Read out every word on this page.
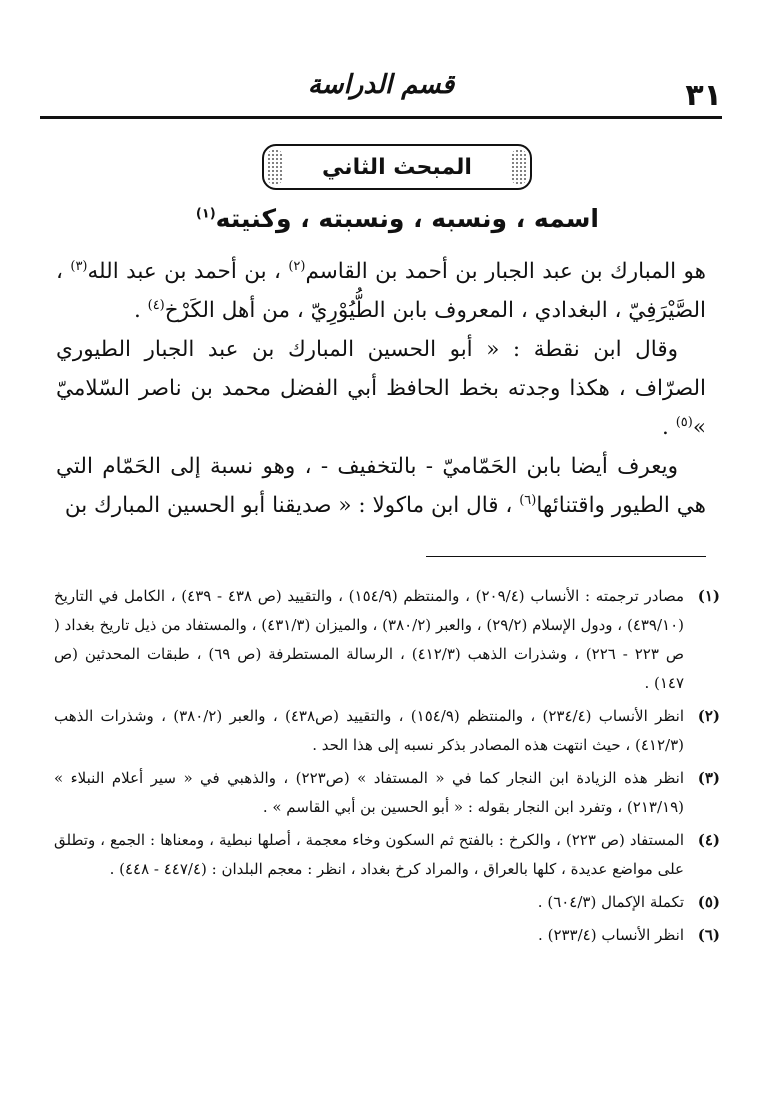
٣١
قسم الدراسة
المبحث الثاني
اسمه ، ونسبه ، ونسبته ، وكنيته$^{(١)}$

هو المبارك بن عبد الجبار بن أحمد بن القاسم$^{(٢)}$ ، بن أحمد بن عبد الله$^{(٣)}$ ، الصَّيْرَفِيّ ، البغدادي ، المعروف بابن الطُّيُوْرِيّ ، من أهل الكَرْخ$^{(٤)}$ .

وقال ابن نقطة : « أبو الحسين المبارك بن عبد الجبار الطيوري الصرّاف ، هكذا وجدته بخط الحافظ أبي الفضل محمد بن ناصر السّلاميّ »$^{(٥)}$ .

ويعرف أيضا بابن الحَمّاميّ - بالتخفيف - ، وهو نسبة إلى الحَمّام التي هي الطيور واقتنائها$^{(٦)}$ ، قال ابن ماكولا : « صديقنا أبو الحسين المبارك بن

(١)
مصادر ترجمته : الأنساب (٢٠٩/٤) ، والمنتظم (١٥٤/٩) ، والتقييد (ص ٤٣٨ - ٤٣٩) ، الكامل في التاريخ (٤٣٩/١٠) ، ودول الإسلام (٢٩/٢) ، والعبر (٣٨٠/٢) ، والميزان (٤٣١/٣) ، والمستفاد من ذيل تاريخ بغداد ( ص ٢٢٣ - ٢٢٦) ، وشذرات الذهب (٤١٢/٣) ، الرسالة المستطرفة (ص ٦٩) ، طبقات المحدثين (ص ١٤٧) .
(٢)
انظر الأنساب (٢٣٤/٤) ، والمنتظم (١٥٤/٩) ، والتقييد (ص٤٣٨) ، والعبر (٣٨٠/٢) ، وشذرات الذهب (٤١٢/٣) ، حيث انتهت هذه المصادر بذكر نسبه إلى هذا الحد .
(٣)
انظر هذه الزيادة ابن النجار كما في « المستفاد » (ص٢٢٣) ، والذهبي في « سير أعلام النبلاء » (٢١٣/١٩) ، وتفرد ابن النجار بقوله : « أبو الحسين بن أبي القاسم » .
(٤)
المستفاد (ص ٢٢٣) ، والكرخ : بالفتح ثم السكون وخاء معجمة ، أصلها نبطية ، ومعناها : الجمع ، وتطلق على مواضع عديدة ، كلها بالعراق ، والمراد كرخ بغداد ، انظر : معجم البلدان : (٤٤٧/٤ - ٤٤٨) .
(٥)
تكملة الإكمال (٦٠٤/٣) .
(٦)
انظر الأنساب (٢٣٣/٤) .
